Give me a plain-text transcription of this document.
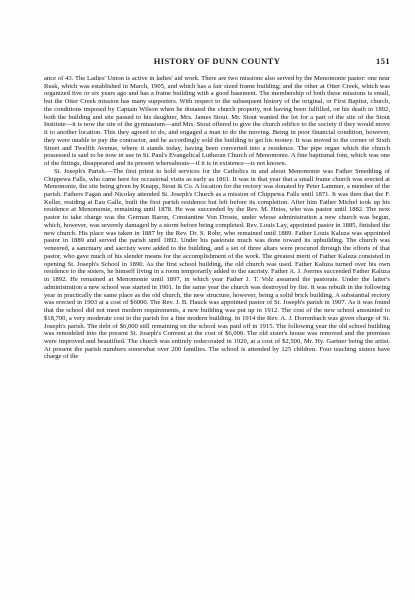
HISTORY OF DUNN COUNTY	151

ance of 43. The Ladies' Union is active in ladies' aid work. There are two missions also served by the Menomonie pastor: one near Rusk, which was established in March, 1905, and which has a fair sized frame building; and the other at Otter Creek, which was organized five or six years ago and has a frame building with a good basement. The membership of both these missions is small, but the Otter Creek mission has many supporters. With respect to the subsequent history of the original, or First Baptist, church, the conditions imposed by Captain Wilson when he donated the church property, not having been fulfilled, on his death in 1892, both the building and site passed to his daughter, Mrs. James Stout. Mr. Stout wanted the lot for a part of the site of the Stout Institute—it is now the site of the gymnasium—and Mrs. Stout offered to give the church edifice to the society if they would move it to another location. This they agreed to do, and engaged a man to do the moving. Being in poor financial condition, however, they were unable to pay the contractor, and he accordingly sold the building to get his money. It was moved to the corner of Sixth Street and Twelfth Avenue, where it stands today, having been converted into a residence. The pipe organ which the church possessed is said to be now in use in St. Paul's Evangelical Lutheran Church of Menomonie. A fine baptismal font, which was one of the fittings, disappeared and its present whereabouts—if it is in existence—is not known.

St. Joseph's Parish.—The first priest to hold services for the Catholics in and about Menomonie was Father Smedding of Chippewa Falls, who came here for occasional visits as early as 1861. It was in that year that a small frame church was erected at Menomonie, the site being given by Knapp, Stout & Co. A location for the rectory was donated by Peter Lammer, a member of the parish. Fathers Fagan and Nicolay attended St. Joseph's Church as a mission of Chippewa Falls until 1871. It was then that the F. Keller, residing at Eau Galle, built the first parish residence but left before its completion. After him Father Michel took up his residence at Menomonie, remaining until 1878. He was succeeded by the Rev. M. Heiss, who was pastor until 1882. The next pastor to take charge was the German Baron, Constantine Von Droste, under whose administration a new church was begun, which, however, was severely damaged by a storm before being completed. Rev. Louis Lay, appointed pastor in 1885, finished the new church. His place was taken in 1887 by the Rev. Dr. S. Rohr, who remained until 1889. Father Louis Kaluza was appointed pastor in 1889 and served the parish until 1892. Under his pastorate much was done toward its upbuilding. The church was veneered, a sanctuary and sacristy were added to the building, and a set of three altars were procured through the efforts of that pastor, who gave much of his slender means for the accomplishment of the work. The greatest merit of Father Kaluza consisted in opening St. Joseph's School in 1890. As the first school building, the old church was used. Father Kaluza turned over his own residence to the sisters, he himself living in a room temporarily added to the sacristy. Father A. J. Joerres succeeded Father Kaluza in 1892. He remained at Menomonie until 1897, in which year Father J. T. Volz assumed the pastorate. Under the latter's administration a new school was started in 1901. In the same year the church was destroyed by fire. It was rebuilt in the following year in practically the same place as the old church, the new structure, however, being a solid brick building. A substantial rectory was erected in 1903 at a cost of $6000. The Rev. J. B. Hauck was appointed pastor of St. Joseph's parish in 1907. As it was found that the school did not meet modern requirements, a new building was put up in 1912. The cost of the new school amounted to $18,700, a very moderate cost to the parish for a fine modern building. In 1914 the Rev. A. J. Dorrenbach was given charge of St. Joseph's parish. The debt of $6,000 still remaining on the school was paid off in 1915. The following year the old school building was remodeled into the present St. Joseph's Convent at the cost of $6,000. The old sister's house was removed and the premises were improved and beautified. The church was entirely redecorated in 1920, at a cost of $2,500, Mr. Hy. Gartner being the artist. At present the parish numbers somewhat over 200 families. The school is attended by 125 children. Four teaching sisters have charge of the
